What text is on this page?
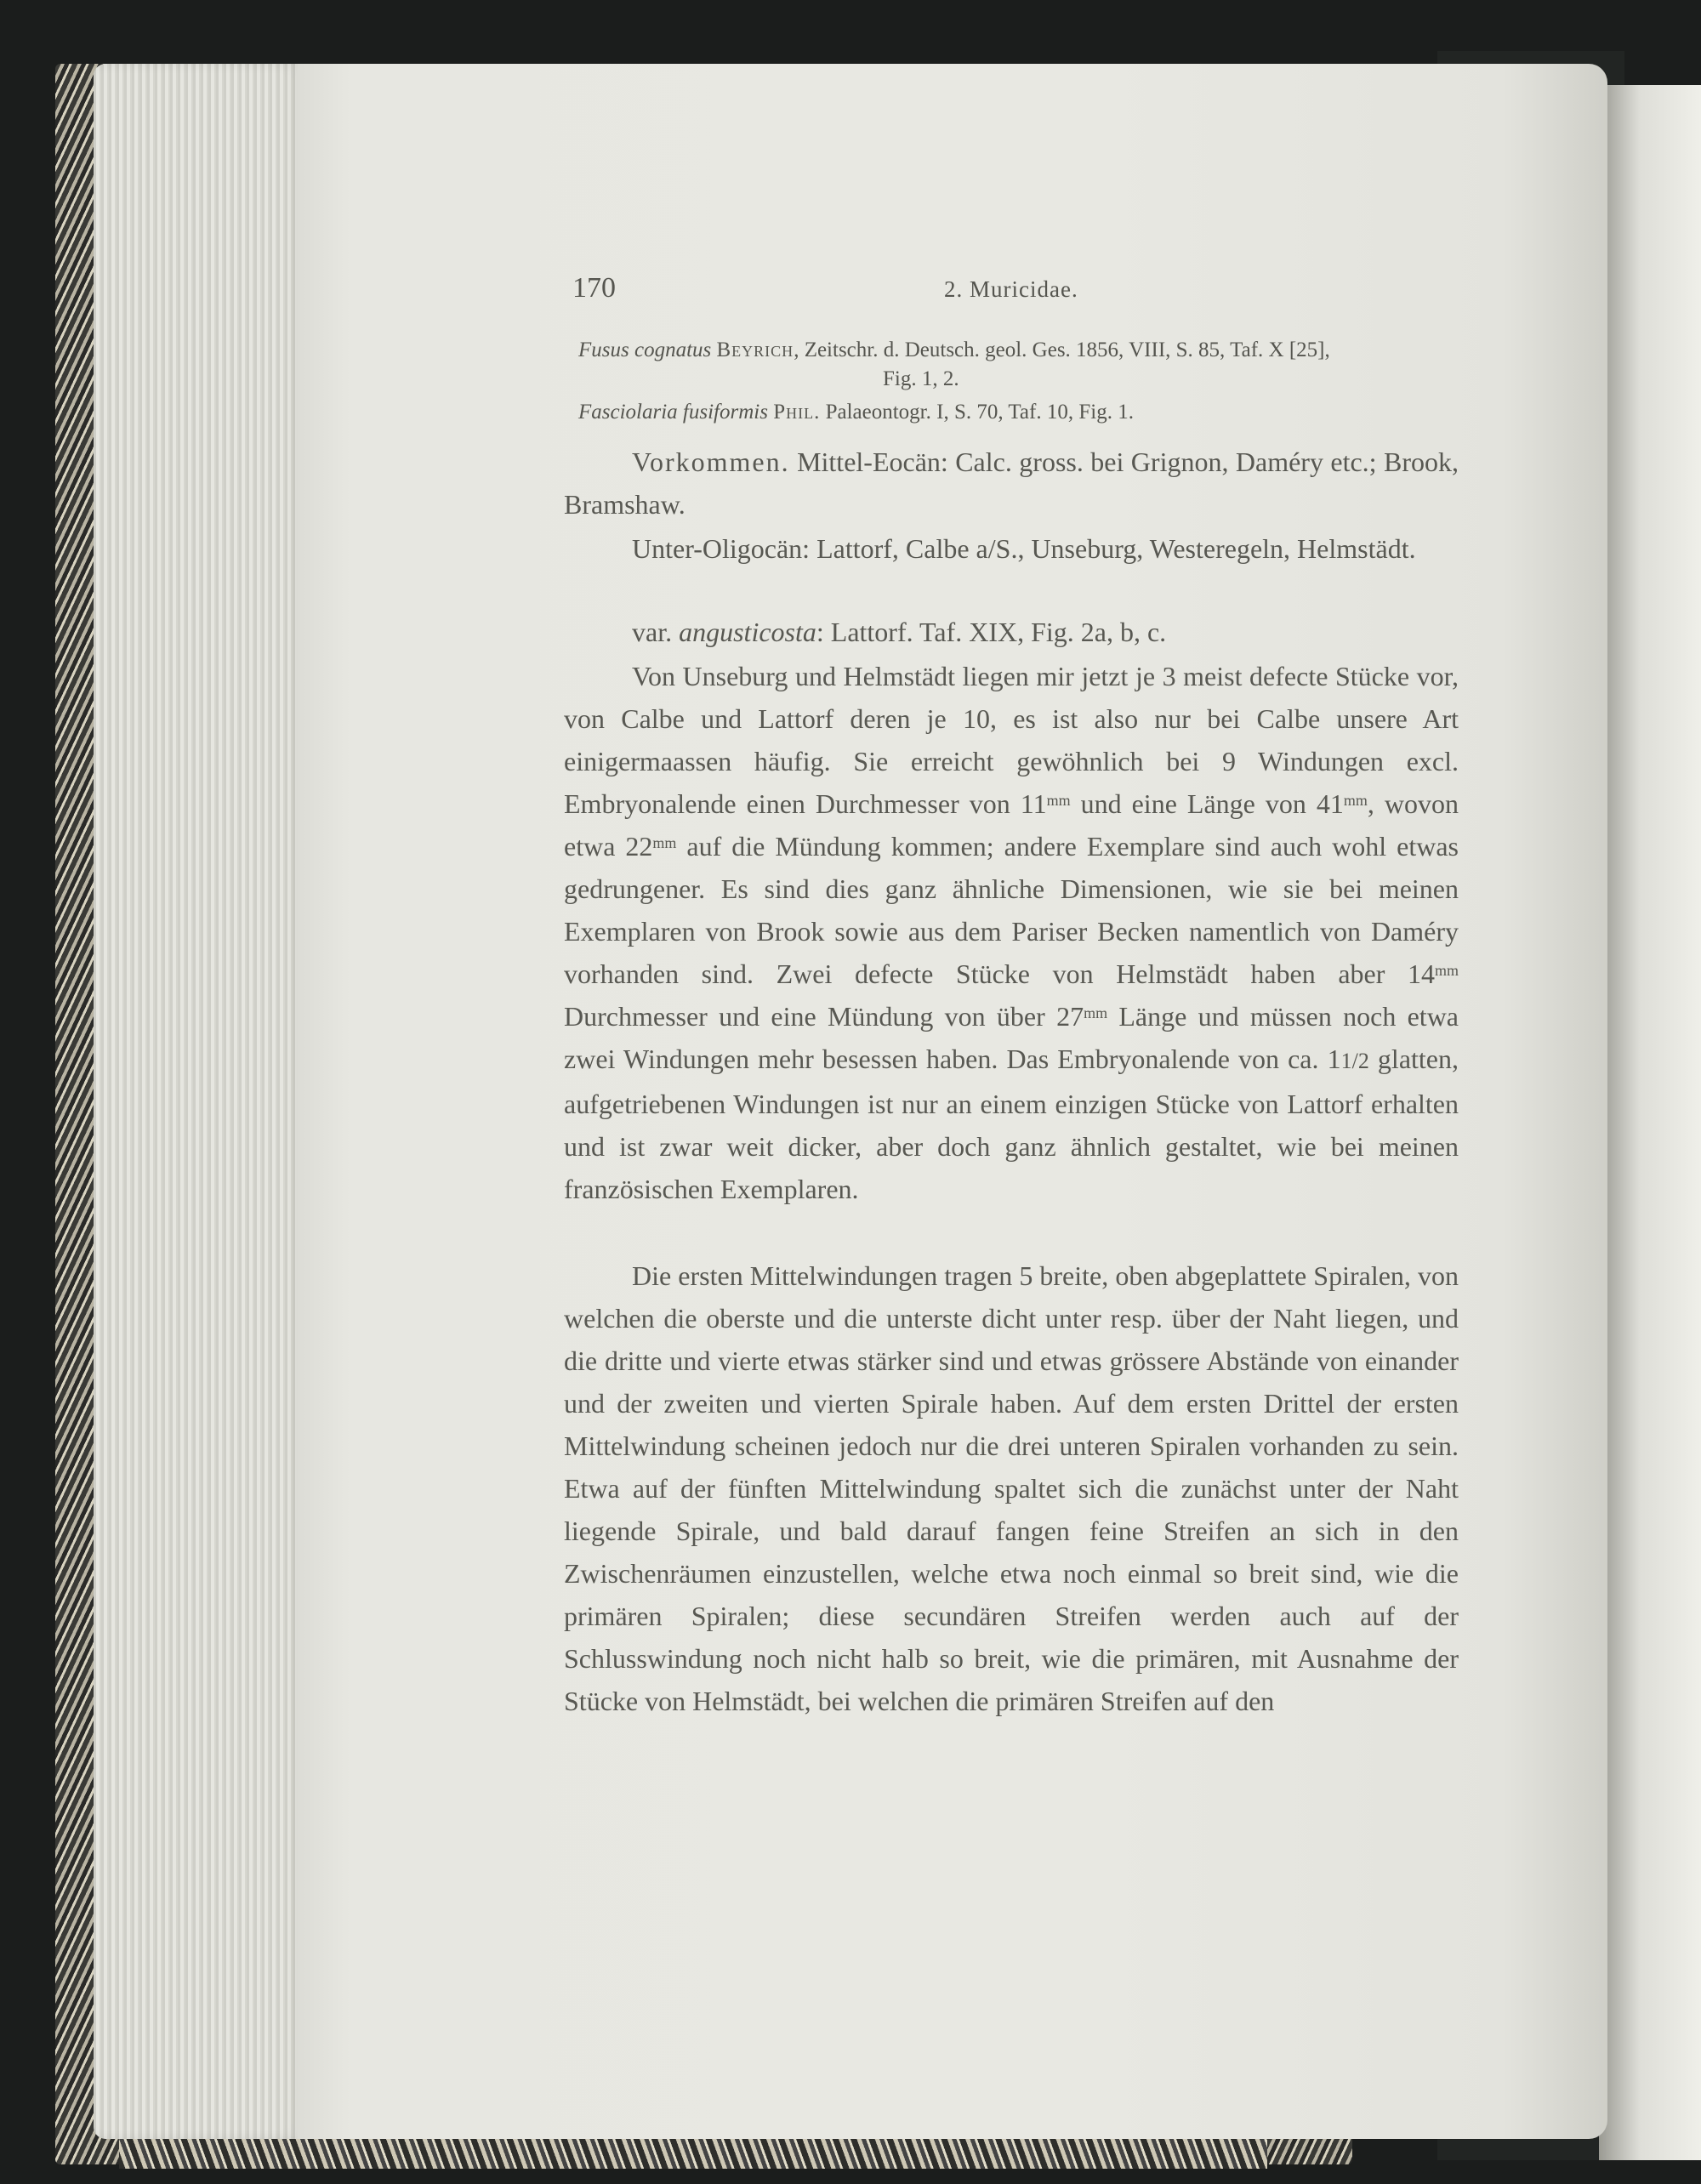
170	2. Muricidae.
Fusus cognatus Beyrich, Zeitschr. d. Deutsch. geol. Ges. 1856, VIII, S. 85, Taf. X [25],
Fig. 1, 2.
Fasciolaria fusiformis Phil. Palaeontogr. I, S. 70, Taf. 10, Fig. 1.
Vorkommen. Mittel-Eocän: Calc. gross. bei Grignon, Daméry etc.; Brook, Bramshaw.
Unter-Oligocän: Lattorf, Calbe a/S., Unseburg, Westeregeln, Helmstädt.
var. angusticosta: Lattorf. Taf. XIX, Fig. 2a, b, c.
Von Unseburg und Helmstädt liegen mir jetzt je 3 meist defecte Stücke vor, von Calbe und Lattorf deren je 10, es ist also nur bei Calbe unsere Art einigermaassen häufig. Sie erreicht gewöhnlich bei 9 Windungen excl. Embryonalende einen Durchmesser von $11^{mm}$ und eine Länge von $41^{mm}$, wovon etwa $22^{mm}$ auf die Mündung kommen; andere Exemplare sind auch wohl etwas gedrungener. Es sind dies ganz ähnliche Dimensionen, wie sie bei meinen Exemplaren von Brook sowie aus dem Pariser Becken namentlich von Daméry vorhanden sind. Zwei defecte Stücke von Helmstädt haben aber $14^{mm}$ Durchmesser und eine Mündung von über $27^{mm}$ Länge und müssen noch etwa zwei Windungen mehr besessen haben. Das Embryonalende von ca. 11/2 glatten, aufgetriebenen Windungen ist nur an einem einzigen Stücke von Lattorf erhalten und ist zwar weit dicker, aber doch ganz ähnlich gestaltet, wie bei meinen französischen Exemplaren.
Die ersten Mittelwindungen tragen 5 breite, oben abgeplattete Spiralen, von welchen die oberste und die unterste dicht unter resp. über der Naht liegen, und die dritte und vierte etwas stärker sind und etwas grössere Abstände von einander und der zweiten und vierten Spirale haben. Auf dem ersten Drittel der ersten Mittelwindung scheinen jedoch nur die drei unteren Spiralen vorhanden zu sein. Etwa auf der fünften Mittelwindung spaltet sich die zunächst unter der Naht liegende Spirale, und bald darauf fangen feine Streifen an sich in den Zwischenräumen einzustellen, welche etwa noch einmal so breit sind, wie die primären Spiralen; diese secundären Streifen werden auch auf der Schlusswindung noch nicht halb so breit, wie die primären, mit Ausnahme der Stücke von Helmstädt, bei welchen die primären Streifen auf den
